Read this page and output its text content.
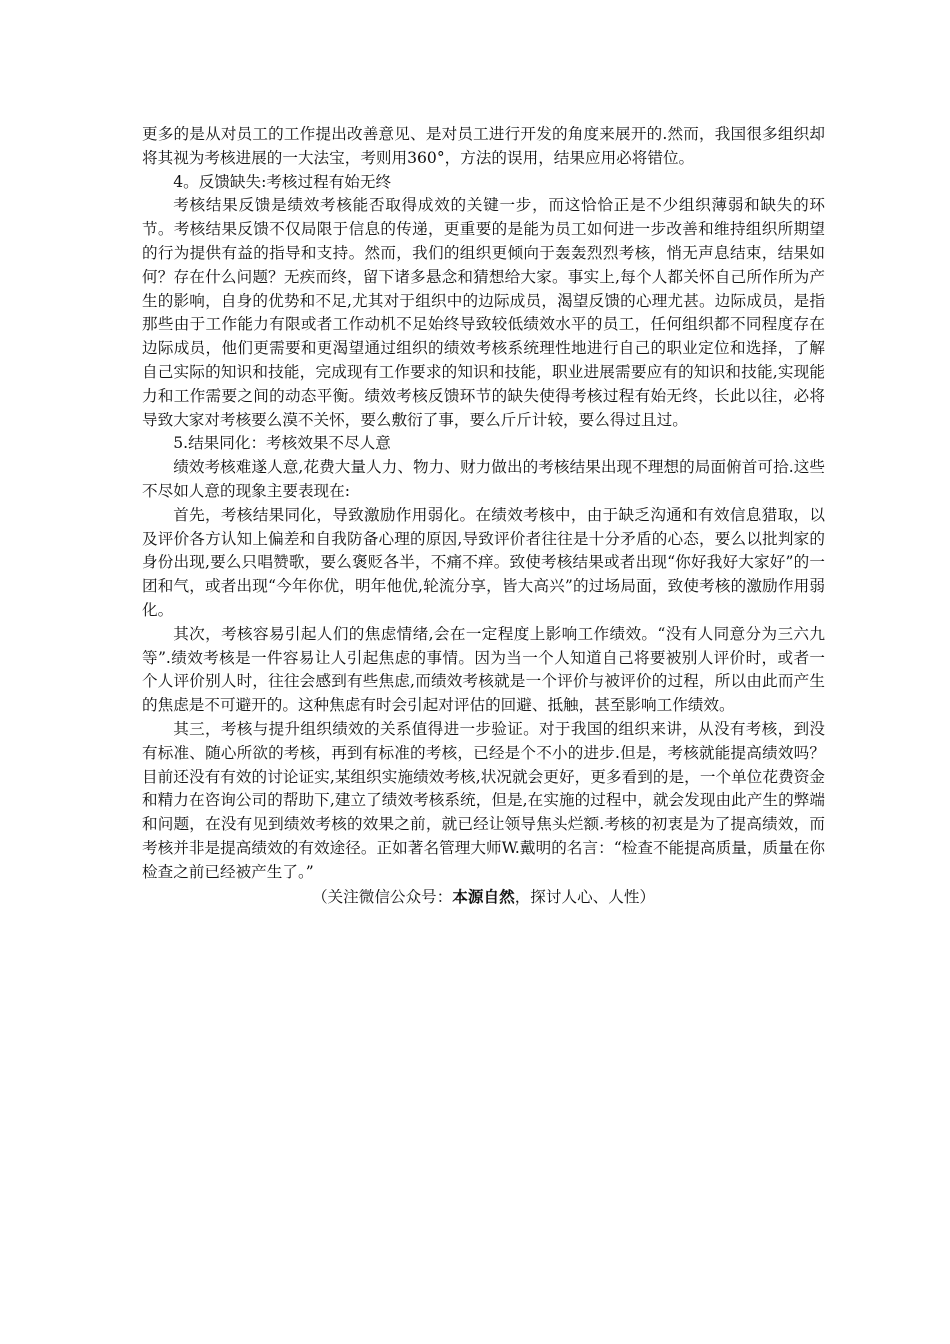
更多的是从对员工的工作提出改善意见、是对员工进行开发的角度来展开的.然而，我国很多组织却将其视为考核进展的一大法宝，考则用360°，方法的误用，结果应用必将错位。

4。反馈缺失:考核过程有始无终

考核结果反馈是绩效考核能否取得成效的关键一步，而这恰恰正是不少组织薄弱和缺失的环节。考核结果反馈不仅局限于信息的传递，更重要的是能为员工如何进一步改善和维持组织所期望的行为提供有益的指导和支持。然而，我们的组织更倾向于轰轰烈烈考核，悄无声息结束，结果如何？存在什么问题？无疾而终，留下诸多悬念和猜想给大家。事实上,每个人都关怀自己所作所为产生的影响，自身的优势和不足,尤其对于组织中的边际成员，渴望反馈的心理尤甚。边际成员，是指那些由于工作能力有限或者工作动机不足始终导致较低绩效水平的员工，任何组织都不同程度存在边际成员，他们更需要和更渴望通过组织的绩效考核系统理性地进行自己的职业定位和选择，了解自己实际的知识和技能，完成现有工作要求的知识和技能，职业进展需要应有的知识和技能,实现能力和工作需要之间的动态平衡。绩效考核反馈环节的缺失使得考核过程有始无终，长此以往，必将导致大家对考核要么漠不关怀，要么敷衍了事，要么斤斤计较，要么得过且过。

5.结果同化：考核效果不尽人意

绩效考核难遂人意,花费大量人力、物力、财力做出的考核结果出现不理想的局面俯首可拾.这些不尽如人意的现象主要表现在:

首先，考核结果同化，导致激励作用弱化。在绩效考核中，由于缺乏沟通和有效信息猎取，以及评价各方认知上偏差和自我防备心理的原因,导致评价者往往是十分矛盾的心态，要么以批判家的身份出现,要么只唱赞歌，要么褒贬各半，不痛不痒。致使考核结果或者出现“你好我好大家好”的一团和气，或者出现“今年你优，明年他优,轮流分享，皆大高兴”的过场局面，致使考核的激励作用弱化。

其次，考核容易引起人们的焦虑情绪,会在一定程度上影响工作绩效。“没有人同意分为三六九等”.绩效考核是一件容易让人引起焦虑的事情。因为当一个人知道自己将要被别人评价时，或者一个人评价别人时，往往会感到有些焦虑,而绩效考核就是一个评价与被评价的过程，所以由此而产生的焦虑是不可避开的。这种焦虑有时会引起对评估的回避、抵触，甚至影响工作绩效。

其三，考核与提升组织绩效的关系值得进一步验证。对于我国的组织来讲，从没有考核，到没有标准、随心所欲的考核，再到有标准的考核，已经是个不小的进步.但是，考核就能提高绩效吗？目前还没有有效的讨论证实,某组织实施绩效考核,状况就会更好，更多看到的是，一个单位花费资金和精力在咨询公司的帮助下,建立了绩效考核系统，但是,在实施的过程中，就会发现由此产生的弊端和问题，在没有见到绩效考核的效果之前，就已经让领导焦头烂额.考核的初衷是为了提高绩效，而考核并非是提高绩效的有效途径。正如著名管理大师W.戴明的名言：“检查不能提高质量，质量在你检查之前已经被产生了。”

（关注微信公众号：本源自然，探讨人心、人性）
